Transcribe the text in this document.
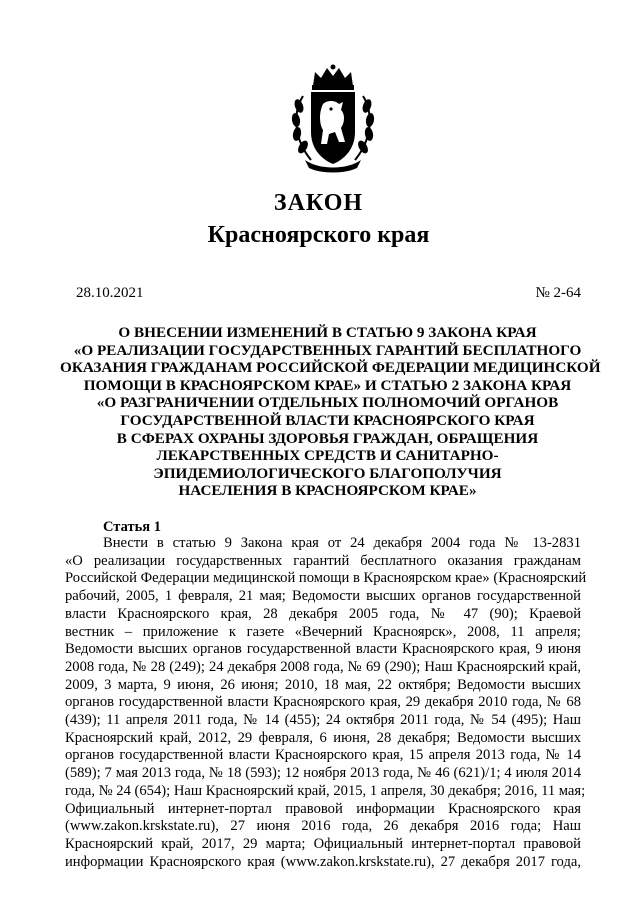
ЗАКОН
Красноярского края
28.10.2021	№ 2-64
О ВНЕСЕНИИ ИЗМЕНЕНИЙ В СТАТЬЮ 9 ЗАКОНА КРАЯ
«О РЕАЛИЗАЦИИ ГОСУДАРСТВЕННЫХ ГАРАНТИЙ БЕСПЛАТНОГО
ОКАЗАНИЯ ГРАЖДАНАМ РОССИЙСКОЙ ФЕДЕРАЦИИ МЕДИЦИНСКОЙ
ПОМОЩИ В КРАСНОЯРСКОМ КРАЕ» И СТАТЬЮ 2 ЗАКОНА КРАЯ
«О РАЗГРАНИЧЕНИИ ОТДЕЛЬНЫХ ПОЛНОМОЧИЙ ОРГАНОВ
ГОСУДАРСТВЕННОЙ ВЛАСТИ КРАСНОЯРСКОГО КРАЯ
В СФЕРАХ ОХРАНЫ ЗДОРОВЬЯ ГРАЖДАН, ОБРАЩЕНИЯ
ЛЕКАРСТВЕННЫХ СРЕДСТВ И САНИТАРНО-
ЭПИДЕМИОЛОГИЧЕСКОГО БЛАГОПОЛУЧИЯ
НАСЕЛЕНИЯ В КРАСНОЯРСКОМ КРАЕ»
Статья 1
Внести в статью 9 Закона края от 24 декабря 2004 года № 13-2831
«О реализации государственных гарантий бесплатного оказания гражданам
Российской Федерации медицинской помощи в Красноярском крае» (Красноярский
рабочий, 2005, 1 февраля, 21 мая; Ведомости высших органов государственной
власти Красноярского края, 28 декабря 2005 года, № 47 (90); Краевой
вестник – приложение к газете «Вечерний Красноярск», 2008, 11 апреля;
Ведомости высших органов государственной власти Красноярского края, 9 июня
2008 года, № 28 (249); 24 декабря 2008 года, № 69 (290); Наш Красноярский край,
2009, 3 марта, 9 июня, 26 июня; 2010, 18 мая, 22 октября; Ведомости высших
органов государственной власти Красноярского края, 29 декабря 2010 года, № 68
(439); 11 апреля 2011 года, № 14 (455); 24 октября 2011 года, № 54 (495); Наш
Красноярский край, 2012, 29 февраля, 6 июня, 28 декабря; Ведомости высших
органов государственной власти Красноярского края, 15 апреля 2013 года, № 14
(589); 7 мая 2013 года, № 18 (593); 12 ноября 2013 года, № 46 (621)/1; 4 июля 2014
года, № 24 (654); Наш Красноярский край, 2015, 1 апреля, 30 декабря; 2016, 11 мая;
Официальный интернет-портал правовой информации Красноярского края
(www.zakon.krskstate.ru), 27 июня 2016 года, 26 декабря 2016 года; Наш
Красноярский край, 2017, 29 марта; Официальный интернет-портал правовой
информации Красноярского края (www.zakon.krskstate.ru), 27 декабря 2017 года,
